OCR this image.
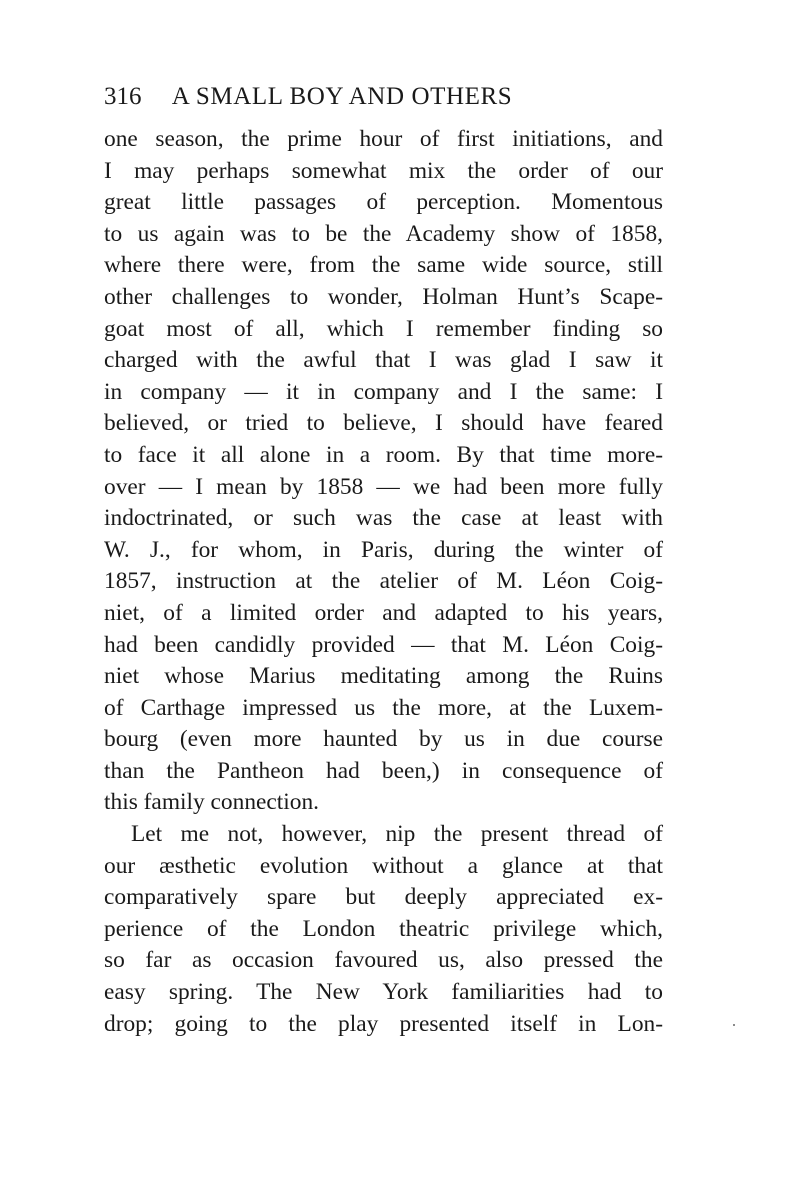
316 A SMALL BOY AND OTHERS
one season, the prime hour of first initiations, and
I may perhaps somewhat mix the order of our
great little passages of perception. Momentous
to us again was to be the Academy show of 1858,
where there were, from the same wide source, still
other challenges to wonder, Holman Hunt’s Scape-
goat most of all, which I remember finding so
charged with the awful that I was glad I saw it
in company — it in company and I the same: I
believed, or tried to believe, I should have feared
to face it all alone in a room. By that time more-
over — I mean by 1858 — we had been more fully
indoctrinated, or such was the case at least with
W. J., for whom, in Paris, during the winter of
1857, instruction at the atelier of M. Léon Coig-
niet, of a limited order and adapted to his years,
had been candidly provided — that M. Léon Coig-
niet whose Marius meditating among the Ruins
of Carthage impressed us the more, at the Luxem-
bourg (even more haunted by us in due course
than the Pantheon had been,) in consequence of
this family connection.
Let me not, however, nip the present thread of
our æsthetic evolution without a glance at that
comparatively spare but deeply appreciated ex-
perience of the London theatric privilege which,
so far as occasion favoured us, also pressed the
easy spring. The New York familiarities had to
drop; going to the play presented itself in Lon-
